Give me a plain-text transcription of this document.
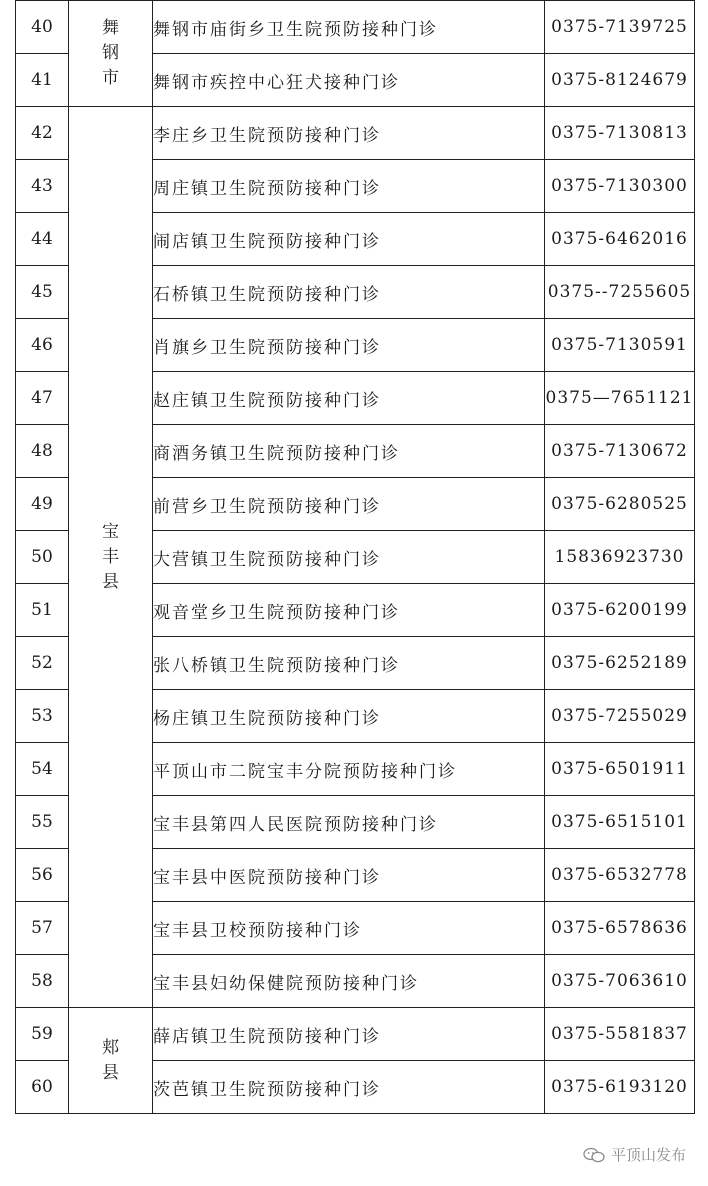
40	舞钢市	舞钢市庙街乡卫生院预防接种门诊	0375-7139725
41		舞钢市疾控中心狂犬接种门诊	0375-8124679
42	宝丰县	李庄乡卫生院预防接种门诊	0375-7130813
43		周庄镇卫生院预防接种门诊	0375-7130300
44		闹店镇卫生院预防接种门诊	0375-6462016
45		石桥镇卫生院预防接种门诊	0375--7255605
46		肖旗乡卫生院预防接种门诊	0375-7130591
47		赵庄镇卫生院预防接种门诊	0375—7651121
48		商酒务镇卫生院预防接种门诊	0375-7130672
49		前营乡卫生院预防接种门诊	0375-6280525
50		大营镇卫生院预防接种门诊	15836923730
51		观音堂乡卫生院预防接种门诊	0375-6200199
52		张八桥镇卫生院预防接种门诊	0375-6252189
53		杨庄镇卫生院预防接种门诊	0375-7255029
54		平顶山市二院宝丰分院预防接种门诊	0375-6501911
55		宝丰县第四人民医院预防接种门诊	0375-6515101
56		宝丰县中医院预防接种门诊	0375-6532778
57		宝丰县卫校预防接种门诊	0375-6578636
58		宝丰县妇幼保健院预防接种门诊	0375-7063610
59	郏县	薛店镇卫生院预防接种门诊	0375-5581837
60		茨芭镇卫生院预防接种门诊	0375-6193120
平顶山发布
